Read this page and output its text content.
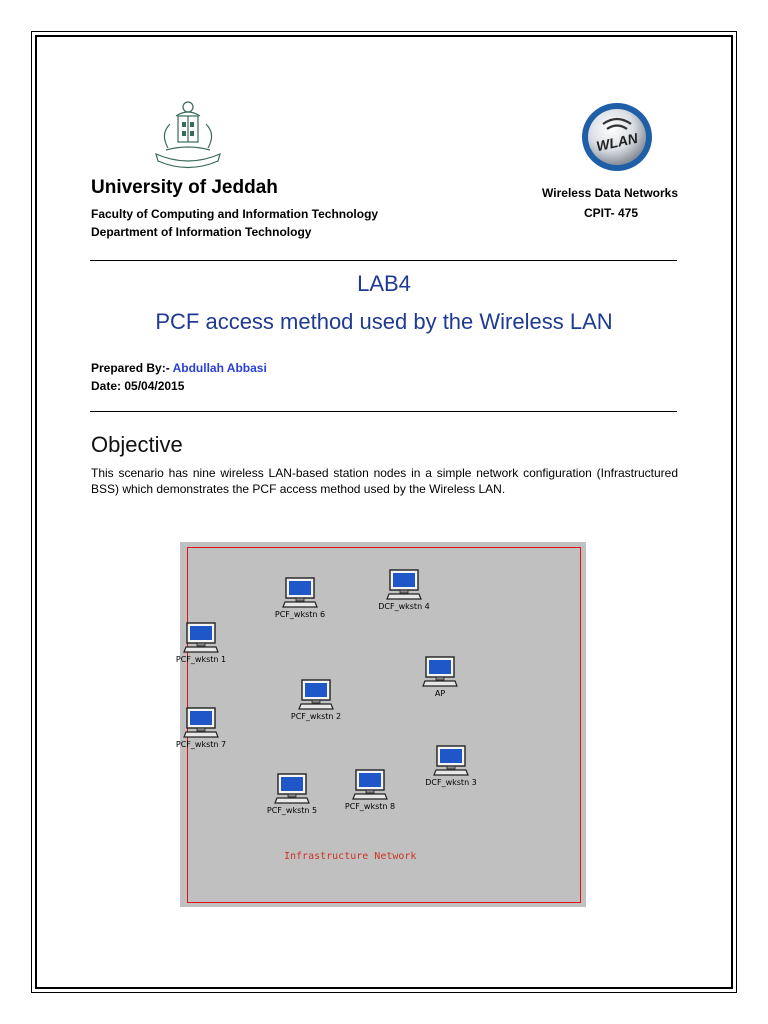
WLAN
University of Jeddah
Faculty of Computing and Information Technology
Department of Information Technology
Wireless Data Networks
CPIT- 475
LAB4
PCF access method used by the Wireless LAN
Prepared By:- Abdullah Abbasi
Date: 05/04/2015
Objective
This scenario has nine wireless LAN-based station nodes in a simple network configuration (Infrastructured BSS) which demonstrates the PCF access method used by the Wireless LAN.
PCF_wkstn 6
DCF_wkstn 4
PCF_wkstn 1
AP
PCF_wkstn 2
PCF_wkstn 7
DCF_wkstn 3
PCF_wkstn 5	PCF_wkstn 8
Infrastructure Network
